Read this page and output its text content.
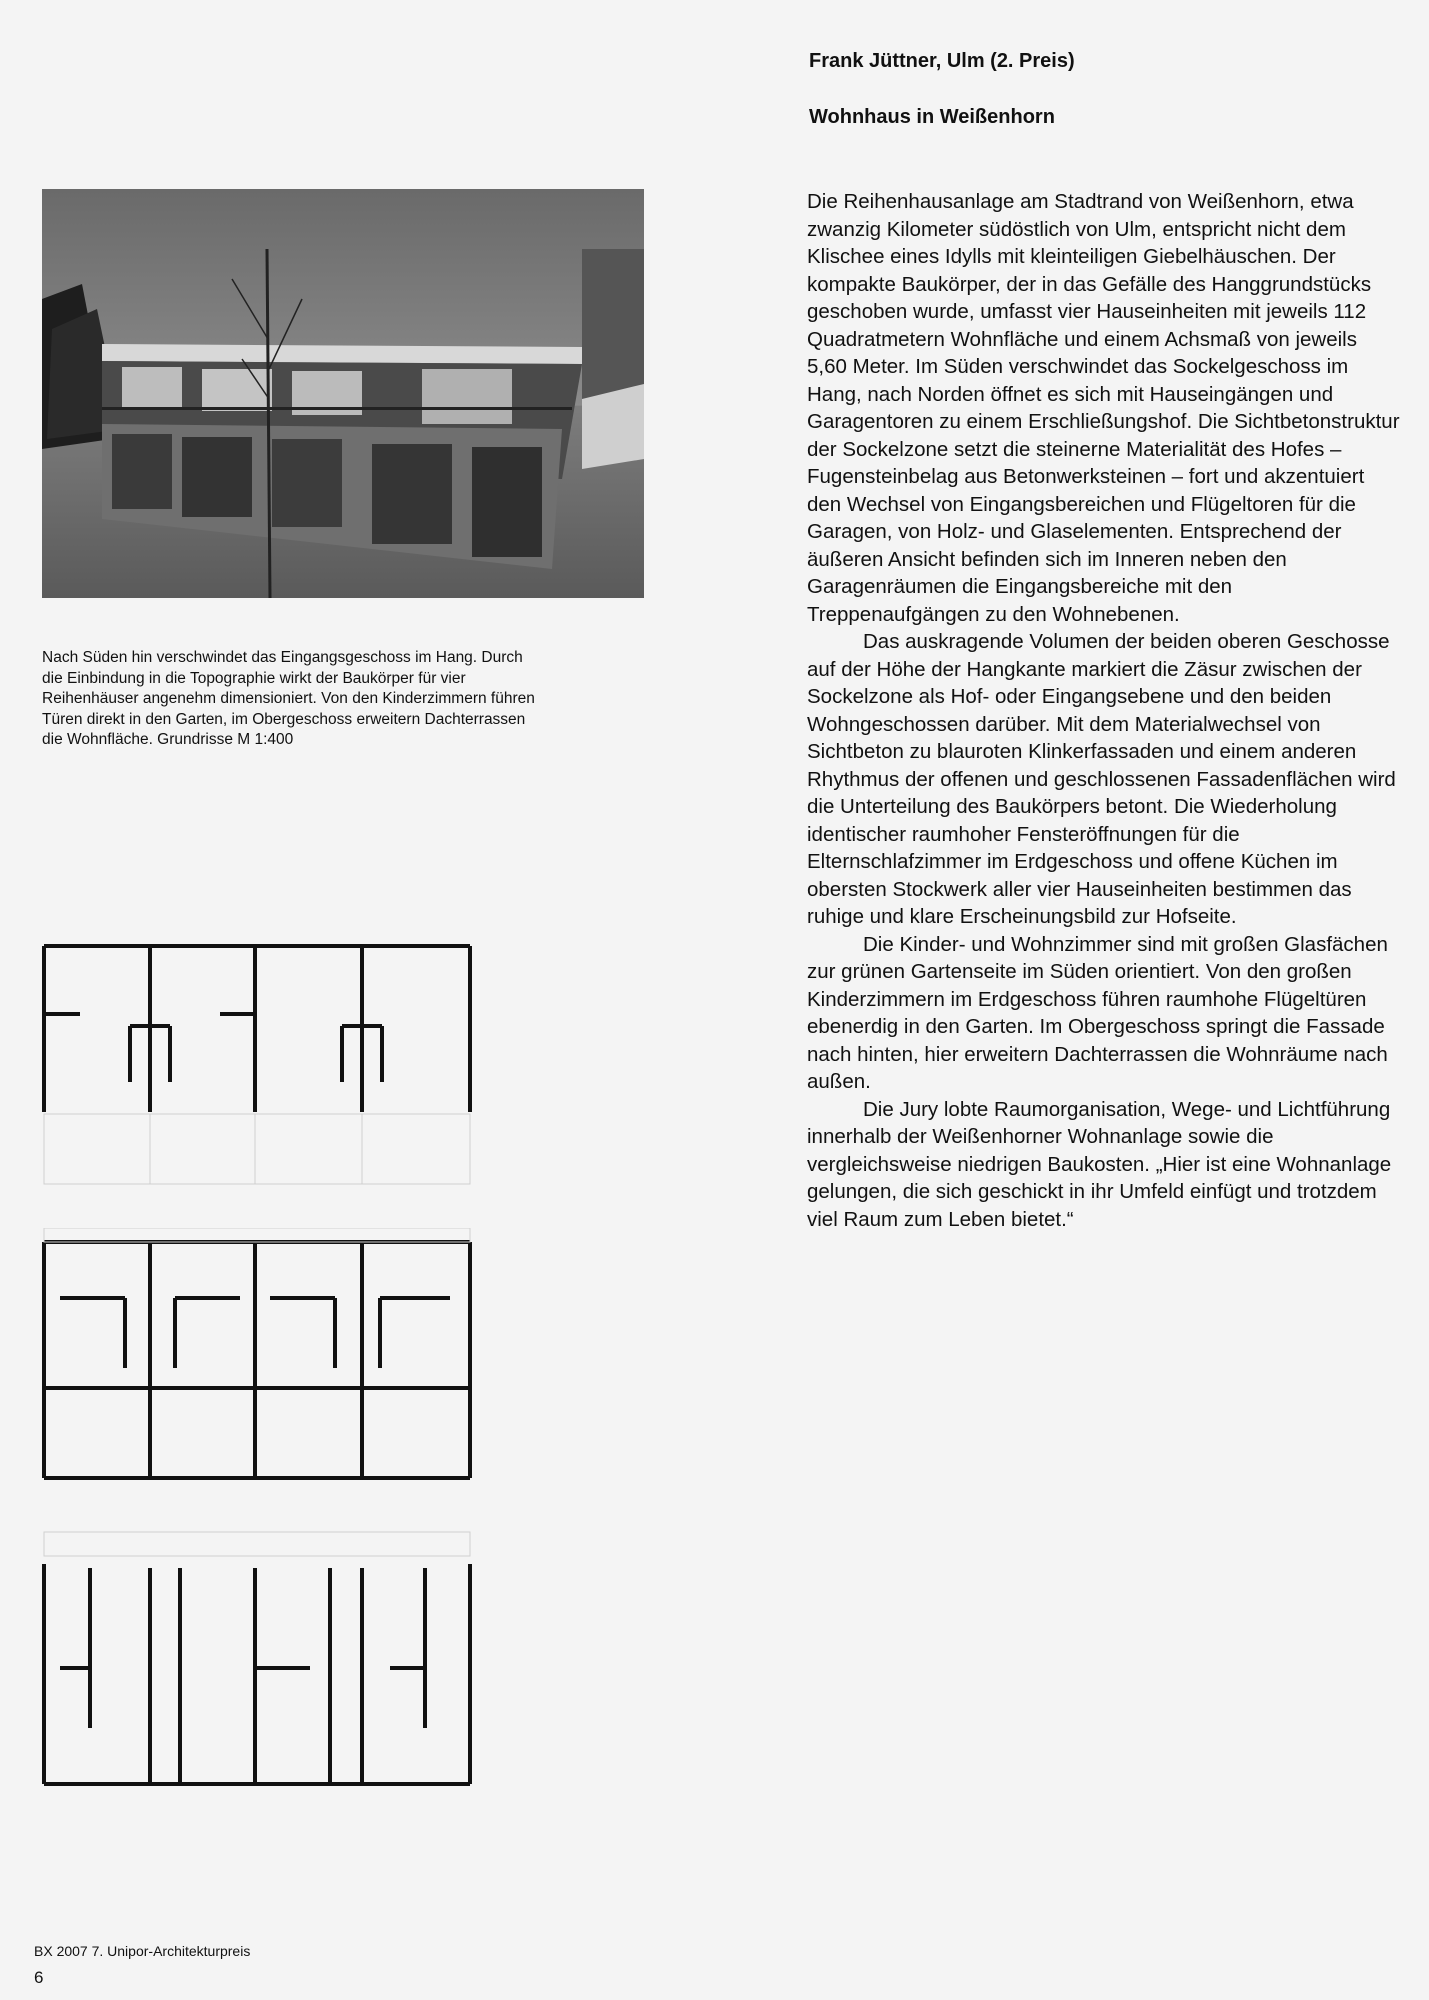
Frank Jüttner, Ulm (2. Preis)
Wohnhaus in Weißenhorn

Nach Süden hin verschwindet das Eingangsgeschoss im Hang. Durch die Einbindung in die Topographie wirkt der Baukörper für vier Reihenhäuser angenehm dimensioniert. Von den Kinderzimmern führen Türen direkt in den Garten, im Obergeschoss erweitern Dachterrassen die Wohnfläche. Grundrisse M 1:400

Die Reihenhausanlage am Stadtrand von Weißenhorn, etwa zwanzig Kilometer südöstlich von Ulm, entspricht nicht dem Klischee eines Idylls mit kleinteiligen Giebelhäuschen. Der kompakte Baukörper, der in das Gefälle des Hanggrundstücks geschoben wurde, umfasst vier Hauseinheiten mit jeweils 112 Quadratmetern Wohnfläche und einem Achsmaß von jeweils 5,60 Meter. Im Süden verschwindet das Sockelgeschoss im Hang, nach Norden öffnet es sich mit Hauseingängen und Garagentoren zu einem Erschließungshof. Die Sichtbetonstruktur der Sockelzone setzt die steinerne Materialität des Hofes – Fugensteinbelag aus Betonwerksteinen – fort und akzentuiert den Wechsel von Eingangsbereichen und Flügeltoren für die Garagen, von Holz- und Glaselementen. Entsprechend der äußeren Ansicht befinden sich im Inneren neben den Garagenräumen die Eingangsbereiche mit den Treppenaufgängen zu den Wohnebenen.

Das auskragende Volumen der beiden oberen Geschosse auf der Höhe der Hangkante markiert die Zäsur zwischen der Sockelzone als Hof- oder Eingangsebene und den beiden Wohngeschossen darüber. Mit dem Materialwechsel von Sichtbeton zu blauroten Klinkerfassaden und einem anderen Rhythmus der offenen und geschlossenen Fassadenflächen wird die Unterteilung des Baukörpers betont. Die Wiederholung identischer raumhoher Fensteröffnungen für die Elternschlafzimmer im Erdgeschoss und offene Küchen im obersten Stockwerk aller vier Hauseinheiten bestimmen das ruhige und klare Erscheinungsbild zur Hofseite.

Die Kinder- und Wohnzimmer sind mit großen Glasfächen zur grünen Gartenseite im Süden orientiert. Von den großen Kinderzimmern im Erdgeschoss führen raumhohe Flügeltüren ebenerdig in den Garten. Im Obergeschoss springt die Fassade nach hinten, hier erweitern Dachterrassen die Wohnräume nach außen.

Die Jury lobte Raumorganisation, Wege- und Lichtführung innerhalb der Weißenhorner Wohnanlage sowie die vergleichsweise niedrigen Baukosten. „Hier ist eine Wohnanlage gelungen, die sich geschickt in ihr Umfeld einfügt und trotzdem viel Raum zum Leben bietet.“

BX 2007 7. Unipor-Architekturpreis

6
